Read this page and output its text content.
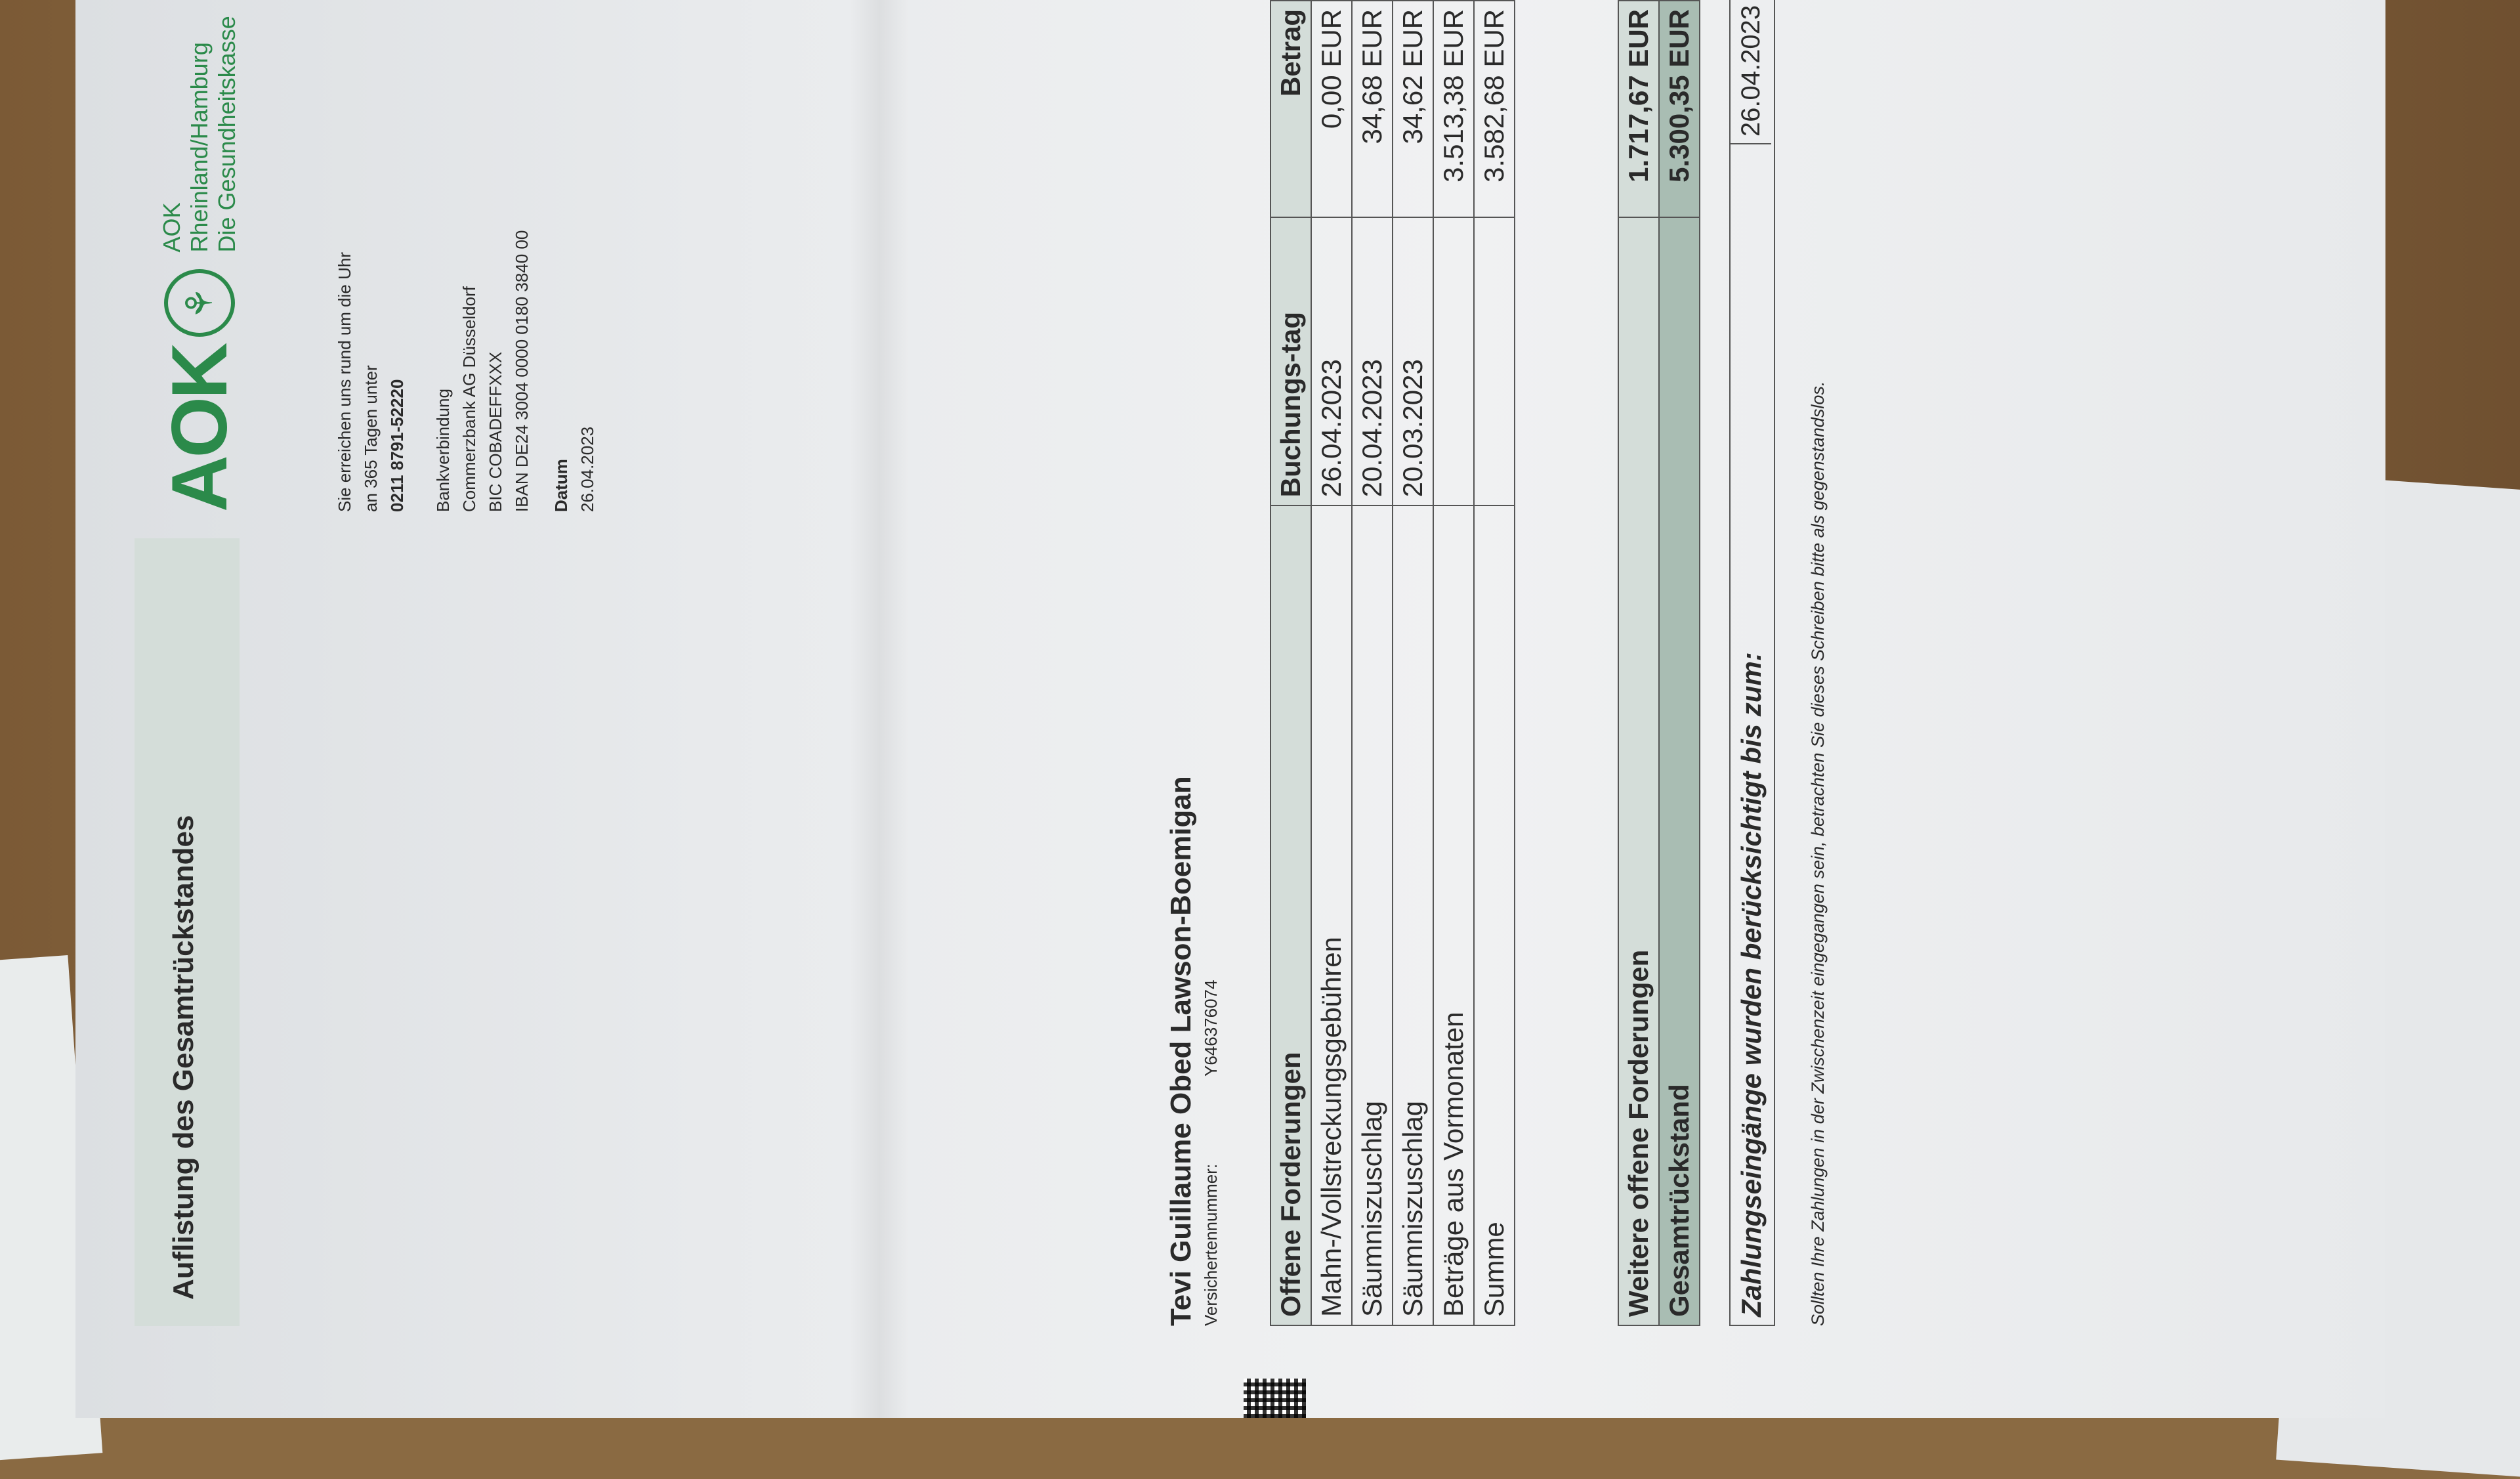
Auflistung des Gesamtrückstandes
AOK
⚘
AOK Rheinland/Hamburg Die Gesundheitskasse
Sie erreichen uns rund um die Uhr an 365 Tagen unter 0211 8791-52220 Bankverbindung Commerzbank AG Düsseldorf BIC COBADEFFXXX IBAN DE24 3004 0000 0180 3840 00 Datum 26.04.2023
Tevi Guillaume Obed Lawson-Boemigan Versichertennummer:
Y646376074
Offene Forderungen	Buchungs-tag	Betrag
Mahn-/Vollstreckungsgebühren	26.04.2023	0,00 EUR
Säumniszuschlag	20.04.2023	34,68 EUR
Säumniszuschlag	20.03.2023	34,62 EUR
Beträge aus Vormonaten		3.513,38 EUR
Summe		3.582,68 EUR
Weitere offene Forderungen	1.717,67 EUR
Gesamtrückstand	5.300,35 EUR
Zahlungseingänge wurden berücksichtigt bis zum:
26.04.2023
Sollten Ihre Zahlungen in der Zwischenzeit eingegangen sein, betrachten Sie dieses Schreiben bitte als gegenstandslos.
